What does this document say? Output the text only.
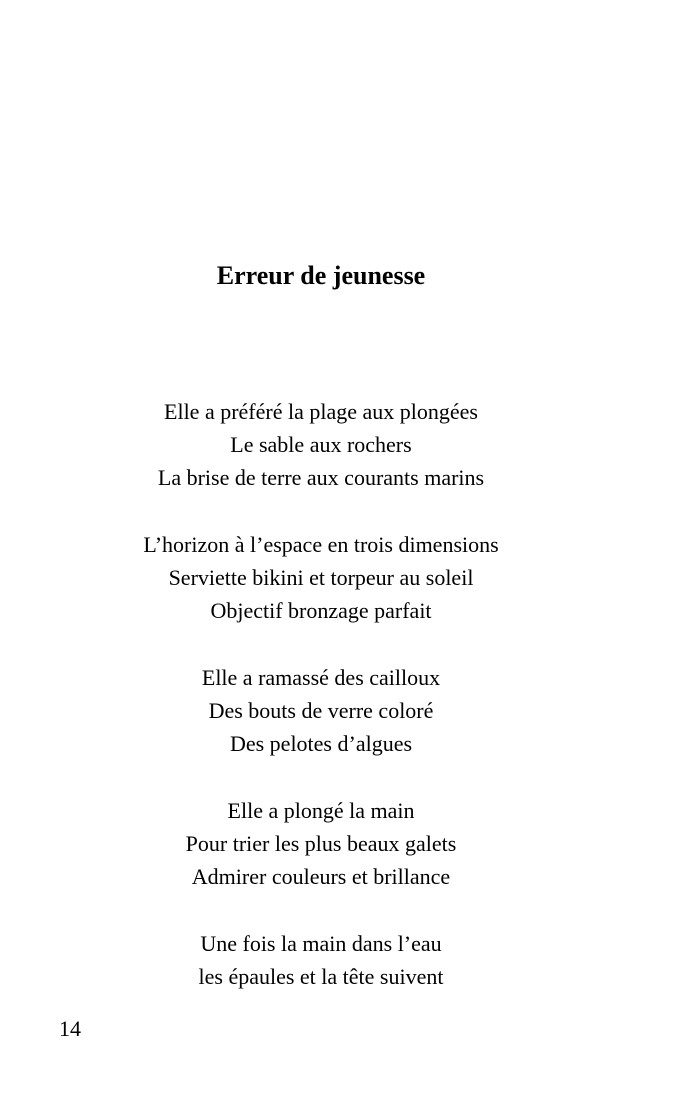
Erreur de jeunesse
Elle a préféré la plage aux plongées
Le sable aux rochers
La brise de terre aux courants marins
L’horizon à l’espace en trois dimensions
Serviette bikini et torpeur au soleil
Objectif bronzage parfait
Elle a ramassé des cailloux
Des bouts de verre coloré
Des pelotes d’algues
Elle a plongé la main
Pour trier les plus beaux galets
Admirer couleurs et brillance
Une fois la main dans l’eau
les épaules et la tête suivent
14
